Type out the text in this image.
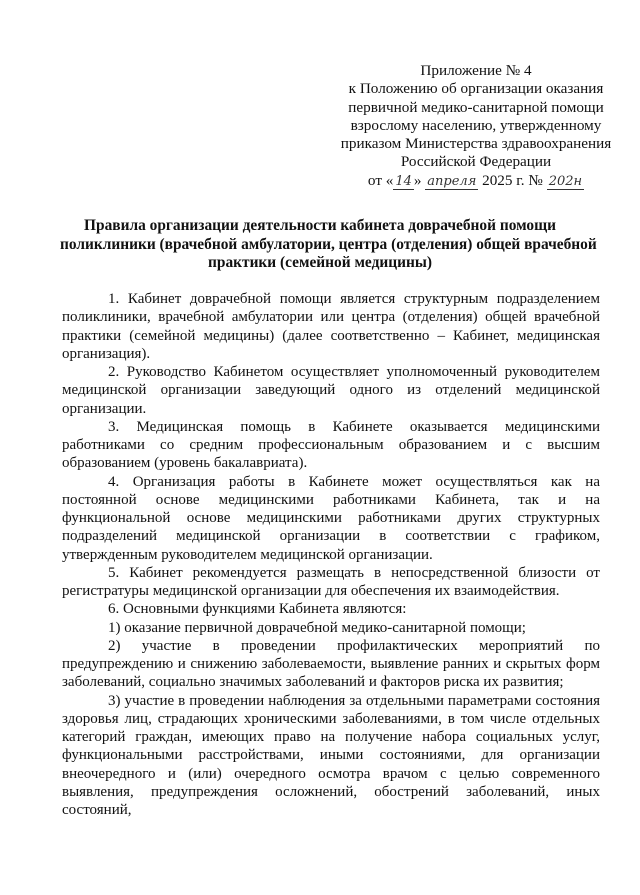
Приложение № 4
к Положению об организации оказания
первичной медико-санитарной помощи
взрослому населению, утвержденному
приказом Министерства здравоохранения
Российской Федерации
от « 14 » апреля 2025 г. № 202н
Правила организации деятельности кабинета доврачебной помощи
поликлиники (врачебной амбулатории, центра (отделения) общей врачебной
практики (семейной медицины)

1. Кабинет доврачебной помощи является структурным подразделением поликлиники, врачебной амбулатории или центра (отделения) общей врачебной практики (семейной медицины) (далее соответственно – Кабинет, медицинская организация).

2. Руководство Кабинетом осуществляет уполномоченный руководителем медицинской организации заведующий одного из отделений медицинской организации.

3. Медицинская помощь в Кабинете оказывается медицинскими работниками со средним профессиональным образованием и с высшим образованием (уровень бакалавриата).

4. Организация работы в Кабинете может осуществляться как на постоянной основе медицинскими работниками Кабинета, так и на функциональной основе медицинскими работниками других структурных подразделений медицинской организации в соответствии с графиком, утвержденным руководителем медицинской организации.

5. Кабинет рекомендуется размещать в непосредственной близости от регистратуры медицинской организации для обеспечения их взаимодействия.

6. Основными функциями Кабинета являются:

1) оказание первичной доврачебной медико-санитарной помощи;

2) участие в проведении профилактических мероприятий по предупреждению и снижению заболеваемости, выявление ранних и скрытых форм заболеваний, социально значимых заболеваний и факторов риска их развития;

3) участие в проведении наблюдения за отдельными параметрами состояния здоровья лиц, страдающих хроническими заболеваниями, в том числе отдельных категорий граждан, имеющих право на получение набора социальных услуг, функциональными расстройствами, иными состояниями, для организации внеочередного и (или) очередного осмотра врачом с целью современного выявления, предупреждения осложнений, обострений заболеваний, иных состояний,
